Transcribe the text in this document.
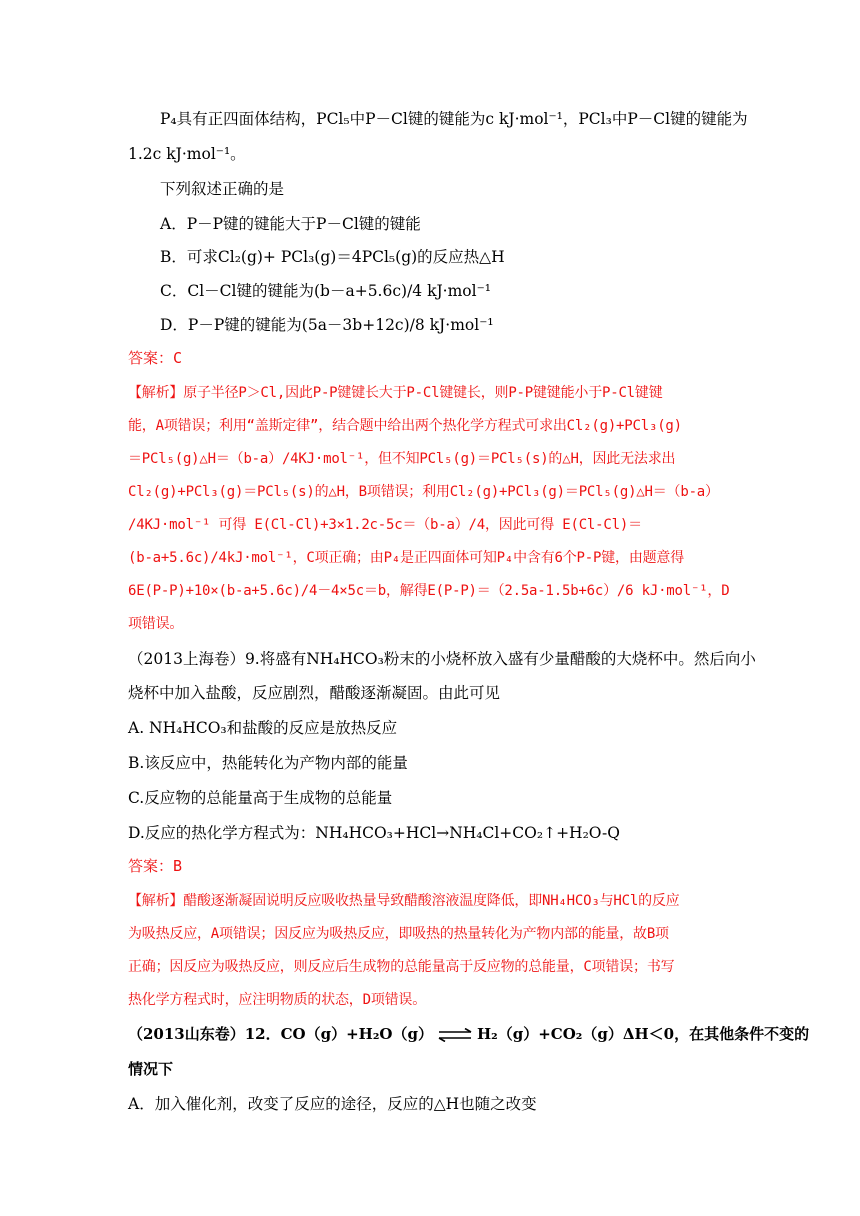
P₄具有正四面体结构，PCl₅中P－Cl键的键能为c kJ·mol⁻¹，PCl₃中P－Cl键的键能为
1.2c kJ·mol⁻¹。
下列叙述正确的是
A．P－P键的键能大于P－Cl键的键能
B．可求Cl₂(g)+ PCl₃(g)＝4PCl₅(g)的反应热△H
C．Cl－Cl键的键能为(b－a+5.6c)/4 kJ·mol⁻¹
D．P－P键的键能为(5a－3b+12c)/8 kJ·mol⁻¹
答案：C
【解析】原子半径P＞Cl,因此P-P键键长大于P-Cl键键长，则P-P键键能小于P-Cl键键
能，A项错误；利用“盖斯定律”，结合题中给出两个热化学方程式可求出Cl₂(g)+PCl₃(g)
＝PCl₅(g)△H＝（b-a）/4KJ·mol⁻¹，但不知PCl₅(g)＝PCl₅(s)的△H，因此无法求出
Cl₂(g)+PCl₃(g)＝PCl₅(s)的△H，B项错误；利用Cl₂(g)+PCl₃(g)＝PCl₅(g)△H＝（b-a）
/4KJ·mol⁻¹ 可得 E(Cl-Cl)+3×1.2c-5c＝（b-a）/4，因此可得 E(Cl-Cl)＝
(b-a+5.6c)/4kJ·mol⁻¹，C项正确；由P₄是正四面体可知P₄中含有6个P-P键，由题意得
6E(P-P)+10×(b-a+5.6c)/4－4×5c＝b，解得E(P-P)＝（2.5a-1.5b+6c）/6 kJ·mol⁻¹，D
项错误。
（2013上海卷）9.将盛有NH₄HCO₃粉末的小烧杯放入盛有少量醋酸的大烧杯中。然后向小
烧杯中加入盐酸，反应剧烈，醋酸逐渐凝固。由此可见
A. NH₄HCO₃和盐酸的反应是放热反应
B.该反应中，热能转化为产物内部的能量
C.反应物的总能量高于生成物的总能量
D.反应的热化学方程式为：NH₄HCO₃+HCl→NH₄Cl+CO₂↑+H₂O-Q
答案：B
【解析】醋酸逐渐凝固说明反应吸收热量导致醋酸溶液温度降低，即NH₄HCO₃与HCl的反应
为吸热反应，A项错误；因反应为吸热反应，即吸热的热量转化为产物内部的能量，故B项
正确；因反应为吸热反应，则反应后生成物的总能量高于反应物的总能量，C项错误；书写
热化学方程式时，应注明物质的状态，D项错误。
（2013山东卷）12．CO（g）+H₂O（g） ⇌ H₂（g）+CO₂（g）ΔH＜0，在其他条件不变的
情况下
A．加入催化剂，改变了反应的途径，反应的△H也随之改变
